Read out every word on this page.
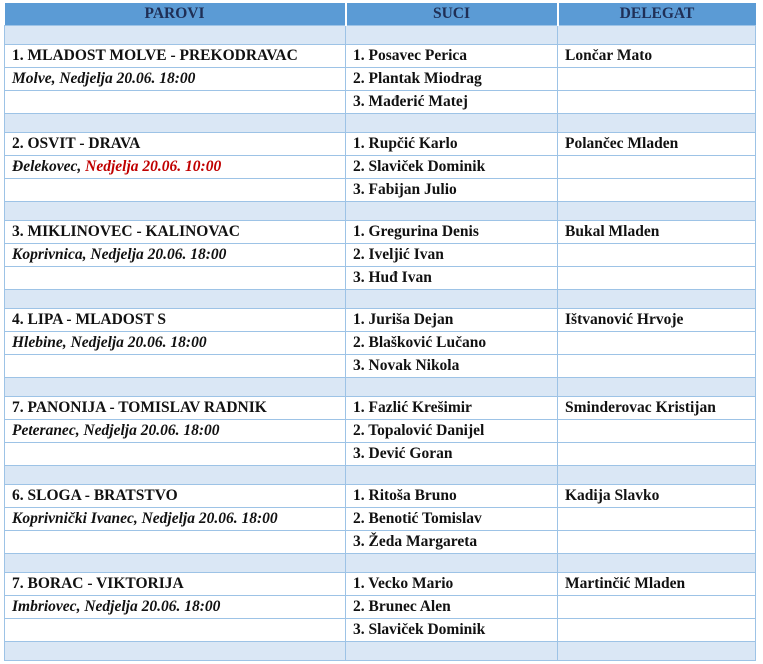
PAROVI	SUCI	DELEGAT

1. MLADOST MOLVE - PREKODRAVAC	1. Posavec Perica	Lončar Mato
Molve, Nedjelja 20.06. 18:00	2. Plantak Miodrag	
	3. Mađerić Matej	

2. OSVIT - DRAVA	1. Rupčić Karlo	Polančec Mladen
Đelekovec, Nedjelja 20.06. 10:00	2. Slaviček Dominik	
	3. Fabijan Julio	

3. MIKLINOVEC - KALINOVAC	1. Gregurina Denis	Bukal Mladen
Koprivnica, Nedjelja 20.06. 18:00	2. Iveljić Ivan	
	3. Huđ Ivan	

4. LIPA - MLADOST S	1. Juriša Dejan	Ištvanović Hrvoje
Hlebine, Nedjelja 20.06. 18:00	2. Blašković Lučano	
	3. Novak Nikola	

7. PANONIJA - TOMISLAV RADNIK	1. Fazlić Krešimir	Sminderovac Kristijan
Peteranec, Nedjelja 20.06. 18:00	2. Topalović Danijel	
	3. Dević Goran	

6. SLOGA - BRATSTVO	1. Ritoša Bruno	Kadija Slavko
Koprivnički Ivanec, Nedjelja 20.06. 18:00	2. Benotić Tomislav	
	3. Žeda Margareta	

7. BORAC - VIKTORIJA	1. Vecko Mario	Martinčić Mladen
Imbriovec, Nedjelja 20.06. 18:00	2. Brunec Alen	
	3. Slaviček Dominik	
